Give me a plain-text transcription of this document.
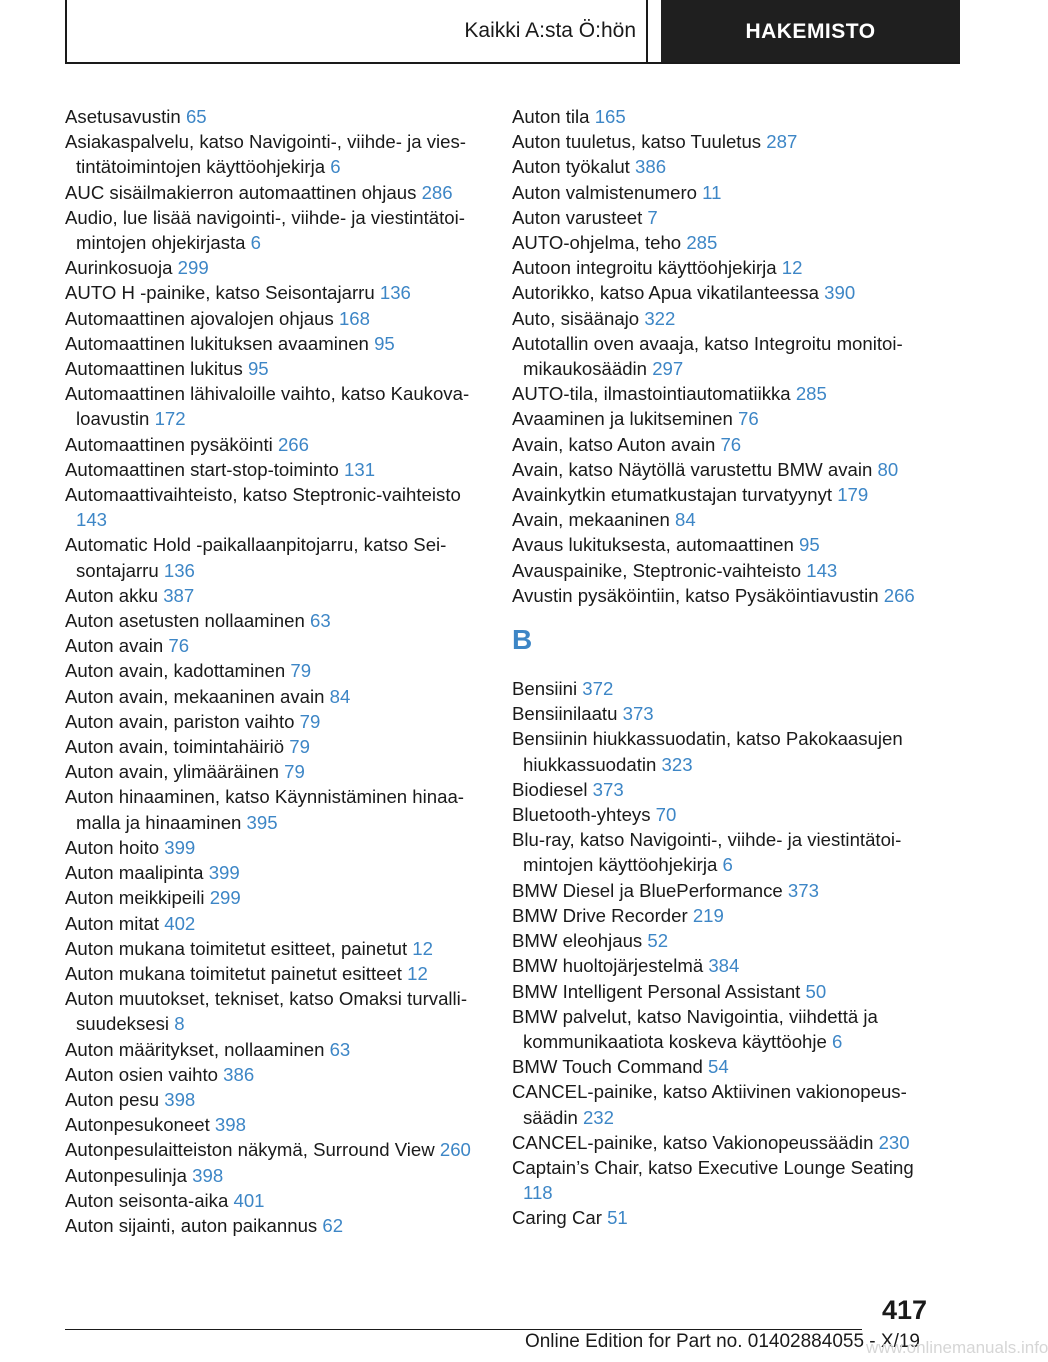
Kaikki A:sta Ö:hön	HAKEMISTO
Asetusavustin 65
Asiakaspalvelu, katso Navigointi-, viihde- ja viestintätoimintojen käyttöohjekirja 6
AUC sisäilmakierron automaattinen ohjaus 286
Audio, lue lisää navigointi-, viihde- ja viestintätoimintojen ohjekirjasta 6
Aurinkosuoja 299
AUTO H -painike, katso Seisontajarru 136
Automaattinen ajovalojen ohjaus 168
Automaattinen lukituksen avaaminen 95
Automaattinen lukitus 95
Automaattinen lähivaloille vaihto, katso Kaukovaloavustin 172
Automaattinen pysäköinti 266
Automaattinen start-stop-toiminto 131
Automaattivaihteisto, katso Steptronic-vaihteisto 143
Automatic Hold -paikallaanpitojarru, katso Seisontajarru 136
Auton akku 387
Auton asetusten nollaaminen 63
Auton avain 76
Auton avain, kadottaminen 79
Auton avain, mekaaninen avain 84
Auton avain, pariston vaihto 79
Auton avain, toimintahäiriö 79
Auton avain, ylimääräinen 79
Auton hinaaminen, katso Käynnistäminen hinaamalla ja hinaaminen 395
Auton hoito 399
Auton maalipinta 399
Auton meikkipeili 299
Auton mitat 402
Auton mukana toimitetut esitteet, painetut 12
Auton mukana toimitetut painetut esitteet 12
Auton muutokset, tekniset, katso Omaksi turvallisuudeksesi 8
Auton määritykset, nollaaminen 63
Auton osien vaihto 386
Auton pesu 398
Autonpesukoneet 398
Autonpesulaitteiston näkymä, Surround View 260
Autonpesulinja 398
Auton seisonta-aika 401
Auton sijainti, auton paikannus 62
Auton tila 165
Auton tuuletus, katso Tuuletus 287
Auton työkalut 386
Auton valmistenumero 11
Auton varusteet 7
AUTO-ohjelma, teho 285
Autoon integroitu käyttöohjekirja 12
Autorikko, katso Apua vikatilanteessa 390
Auto, sisäänajo 322
Autotallin oven avaaja, katso Integroitu monitoimikaukosäädin 297
AUTO-tila, ilmastointiautomatiikka 285
Avaaminen ja lukitseminen 76
Avain, katso Auton avain 76
Avain, katso Näytöllä varustettu BMW avain 80
Avainkytkin etumatkustajan turvatyynyt 179
Avain, mekaaninen 84
Avaus lukituksesta, automaattinen 95
Avauspainike, Steptronic-vaihteisto 143
Avustin pysäköintiin, katso Pysäköintiavustin 266
B
Bensiini 372
Bensiinilaatu 373
Bensiinin hiukkassuodatin, katso Pakokaasujen hiukkassuodatin 323
Biodiesel 373
Bluetooth-yhteys 70
Blu-ray, katso Navigointi-, viihde- ja viestintätoimintojen käyttöohjekirja 6
BMW Diesel ja BluePerformance 373
BMW Drive Recorder 219
BMW eleohjaus 52
BMW huoltojärjestelmä 384
BMW Intelligent Personal Assistant 50
BMW palvelut, katso Navigointia, viihdettä ja kommunikaatiota koskeva käyttöohje 6
BMW Touch Command 54
CANCEL-painike, katso Aktiivinen vakionopeussäädin 232
CANCEL-painike, katso Vakionopeussäädin 230
Captain’s Chair, katso Executive Lounge Seating 118
Caring Car 51
417
Online Edition for Part no. 01402884055 - X/19
www.onlinemanuals.info
